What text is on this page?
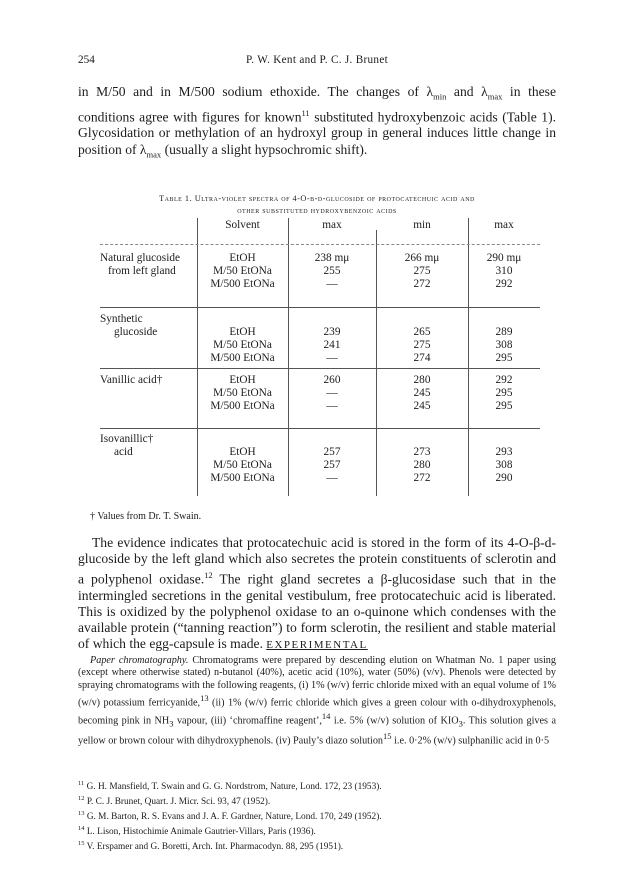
254	P. W. Kent and P. C. J. Brunet

in M/50 and in M/500 sodium ethoxide. The changes of $\lambda_{min}$ and $\lambda_{max}$ in these conditions agree with figures for known$^{11}$ substituted hydroxybenzoic acids (Table 1). Glycosidation or methylation of an hydroxyl group in general induces little change in position of $\lambda_{max}$ (usually a slight hypsochromic shift).

Table 1. Ultra-violet spectra of 4-O-β-d-glucoside of protocatechuic acid and
other substituted hydroxybenzoic acids
Solvent	max	min	max
Natural glucoside
from left gland
EtOH	238 mμ	266 mμ	290 mμ
M/50 EtONa	255	275	310
M/500 EtONa	—	272	292
Synthetic
glucoside	EtOH	239	265	289
M/50 EtONa	241	275	308
M/500 EtONa	—	274	295
Vanillic acid†	EtOH	260	280	292
M/50 EtONa	—	245	295
M/500 EtONa	—	245	295
Isovanillic†
acid	EtOH	257	273	293
M/50 EtONa	257	280	308
M/500 EtONa	—	272	290
† Values from Dr. T. Swain.

The evidence indicates that protocatechuic acid is stored in the form of its 4-O-β-d-glucoside by the left gland which also secretes the protein constituents of sclerotin and a polyphenol oxidase.$^{12}$ The right gland secretes a β-glucosidase such that in the intermingled secretions in the genital vestibulum, free protocatechuic acid is liberated. This is oxidized by the polyphenol oxidase to an o-quinone which condenses with the available protein (“tanning reaction”) to form sclerotin, the resilient and stable material of which the egg-capsule is made. EXPERIMENTAL

Paper chromatography. Chromatograms were prepared by descending elution on Whatman No. 1 paper using (except where otherwise stated) n-butanol (40%), acetic acid (10%), water (50%) (v/v). Phenols were detected by spraying chromatograms with the following reagents, (i) 1% (w/v) ferric chloride mixed with an equal volume of 1% (w/v) potassium ferricyanide,$^{13}$ (ii) 1% (w/v) ferric chloride which gives a green colour with o-dihydroxyphenols, becoming pink in $NH_3$ vapour, (iii) ‘chromaffine reagent’,$^{14}$ i.e. 5% (w/v) solution of $KIO_3$. This solution gives a yellow or brown colour with dihydroxyphenols. (iv) Pauly’s diazo solution$^{15}$ i.e. 0·2% (w/v) sulphanilic acid in 0·5

$^{11}$ G. H. Mansfield, T. Swain and G. G. Nordstrom, Nature, Lond. 172, 23 (1953).
$^{12}$ P. C. J. Brunet, Quart. J. Micr. Sci. 93, 47 (1952).
$^{13}$ G. M. Barton, R. S. Evans and J. A. F. Gardner, Nature, Lond. 170, 249 (1952).
$^{14}$ L. Lison, Histochimie Animale Gautrier-Villars, Paris (1936).
$^{15}$ V. Erspamer and G. Boretti, Arch. Int. Pharmacodyn. 88, 295 (1951).
